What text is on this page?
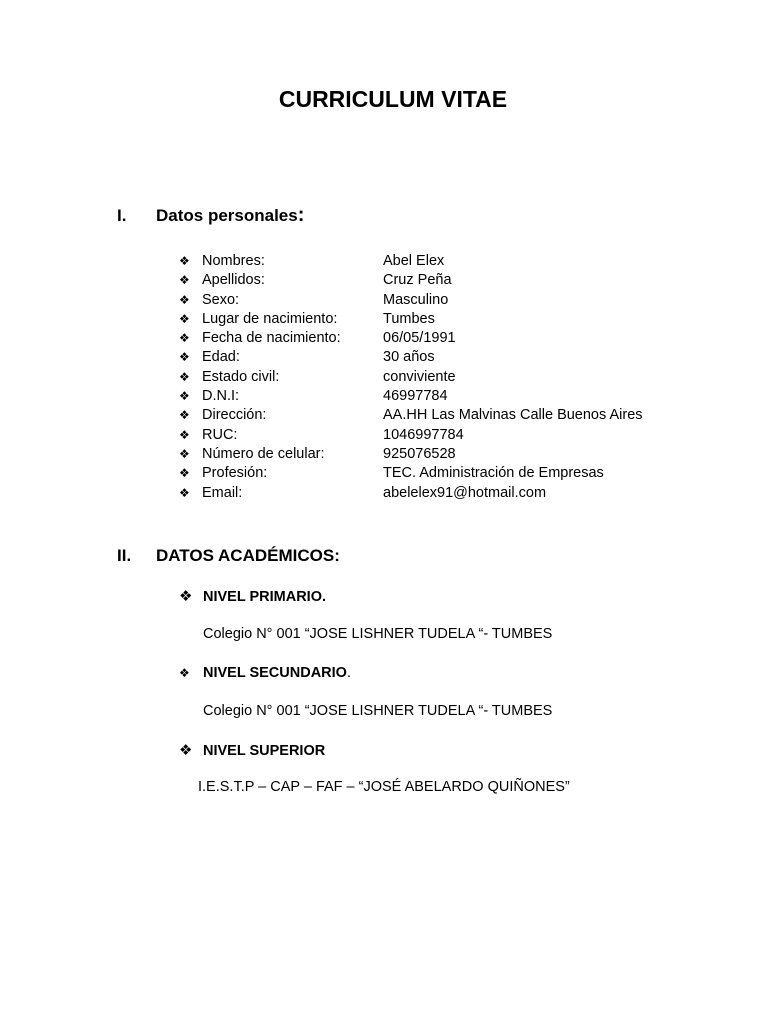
CURRICULUM VITAE
I. Datos personales:
❖ Nombres:	Abel Elex
❖ Apellidos:	Cruz Peña
❖ Sexo:	Masculino
❖ Lugar de nacimiento:	Tumbes
❖ Fecha de nacimiento:	06/05/1991
❖ Edad:	30 años
❖ Estado civil:	conviviente
❖ D.N.I:	46997784
❖ Dirección:	AA.HH Las Malvinas Calle Buenos Aires
❖ RUC:	1046997784
❖ Número de celular:	925076528
❖ Profesión:	TEC. Administración de Empresas
❖ Email:	abelelex91@hotmail.com
II. DATOS ACADÉMICOS:
❖ NIVEL PRIMARIO.
Colegio N° 001 “JOSE LISHNER TUDELA “- TUMBES
❖ NIVEL SECUNDARIO.
Colegio N° 001 “JOSE LISHNER TUDELA “- TUMBES
❖ NIVEL SUPERIOR
I.E.S.T.P – CAP – FAF – “JOSÉ ABELARDO QUIÑONES”
